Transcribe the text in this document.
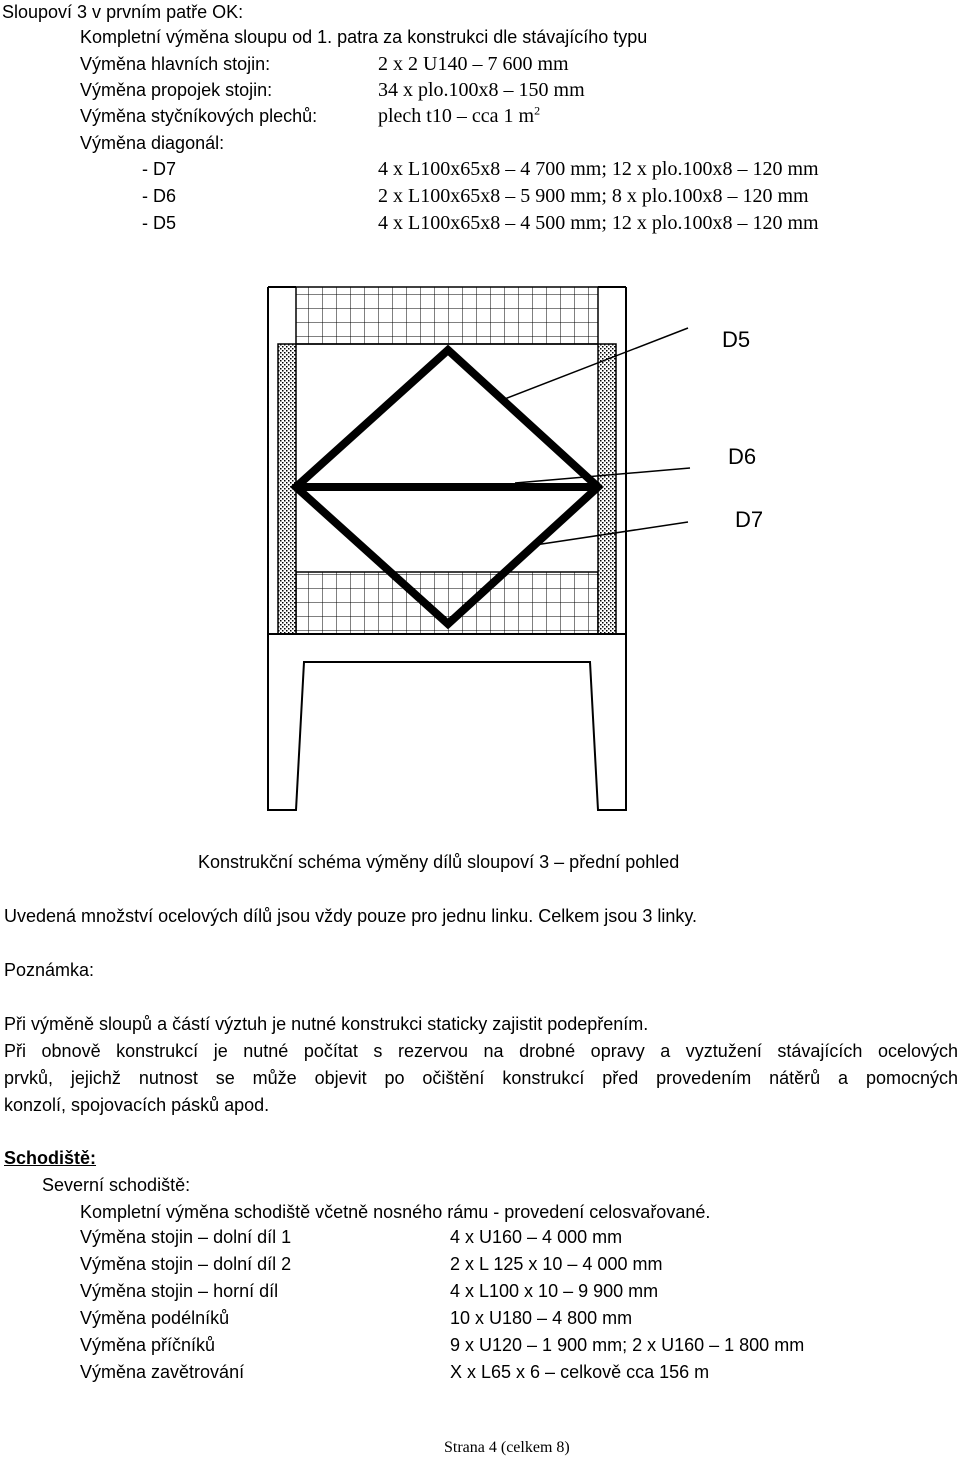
Sloupoví 3 v prvním patře OK:
Kompletní výměna sloupu od 1. patra za konstrukci dle stávajícího typu
Výměna hlavních stojin:	2 x 2 U140 – 7 600 mm
Výměna propojek stojin:	34 x plo.100x8 – 150 mm
Výměna styčníkových plechů:	plech t10 – cca 1 $m^2$
Výměna diagonál:
- D7	4 x L100x65x8 – 4 700 mm; 12 x plo.100x8 – 120 mm
- D6	2 x L100x65x8 – 5 900 mm; 8 x plo.100x8 – 120 mm
- D5	4 x L100x65x8 – 4 500 mm; 12 x plo.100x8 – 120 mm
D5
D6
D7
Konstrukční schéma výměny dílů sloupoví 3 – přední pohled
Uvedená množství ocelových dílů jsou vždy pouze pro jednu linku. Celkem jsou 3 linky.
Poznámka:
Při výměně sloupů a částí výztuh je nutné konstrukci staticky zajistit podepřením.
Při obnově konstrukcí je nutné počítat s rezervou na drobné opravy a vyztužení stávajících ocelových
prvků, jejichž nutnost se může objevit po očištění konstrukcí před provedením nátěrů a pomocných
konzolí, spojovacích pásků apod.
Schodiště:
Severní schodiště:
Kompletní výměna schodiště včetně nosného rámu - provedení celosvařované.
Výměna stojin – dolní díl 1	4 x U160 – 4 000 mm
Výměna stojin – dolní díl 2	2 x L 125 x 10 – 4 000 mm
Výměna stojin – horní díl	4 x L100 x 10 – 9 900 mm
Výměna podélníků	10 x U180 – 4 800 mm
Výměna příčníků	9 x U120 – 1 900 mm; 2 x U160 – 1 800 mm
Výměna zavětrování	X x L65 x 6 – celkově cca 156 m
Strana 4 (celkem 8)
